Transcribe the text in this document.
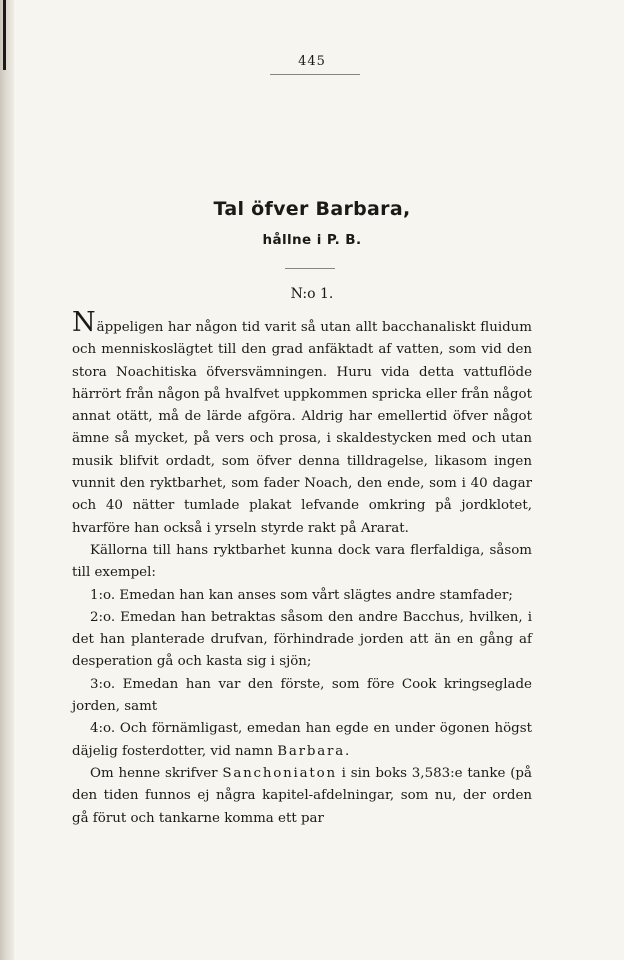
445
Tal öfver Barbara,
hållne i P. B.
N:o 1.

Näppeligen har någon tid varit så utan allt bacchanaliskt fluidum och menniskoslägtet till den grad anfäktadt af vatten, som vid den stora Noachitiska öfversvämningen. Huru vida detta vattuflöde härrört från någon på hvalfvet uppkommen spricka eller från något annat otätt, må de lärde afgöra. Aldrig har emellertid öfver något ämne så mycket, på vers och prosa, i skaldestycken med och utan musik blifvit ordadt, som öfver denna tilldragelse, likasom ingen vunnit den ryktbarhet, som fader Noach, den ende, som i 40 dagar och 40 nätter tumlade plakat lefvande omkring på jordklotet, hvarföre han också i yrseln styrde rakt på Ararat.

Källorna till hans ryktbarhet kunna dock vara flerfaldiga, såsom till exempel:

1:o. Emedan han kan anses som vårt slägtes andre stamfader;

2:o. Emedan han betraktas såsom den andre Bacchus, hvilken, i det han planterade drufvan, förhindrade jorden att än en gång af desperation gå och kasta sig i sjön;

3:o. Emedan han var den förste, som före Cook kringseglade jorden, samt

4:o. Och förnämligast, emedan han egde en under ögonen högst däjelig fosterdotter, vid namn Barbara.

Om henne skrifver Sanchoniaton i sin boks 3,583:e tanke (på den tiden funnos ej några kapitel-afdelningar, som nu, der orden gå förut och tankarne komma ett par
